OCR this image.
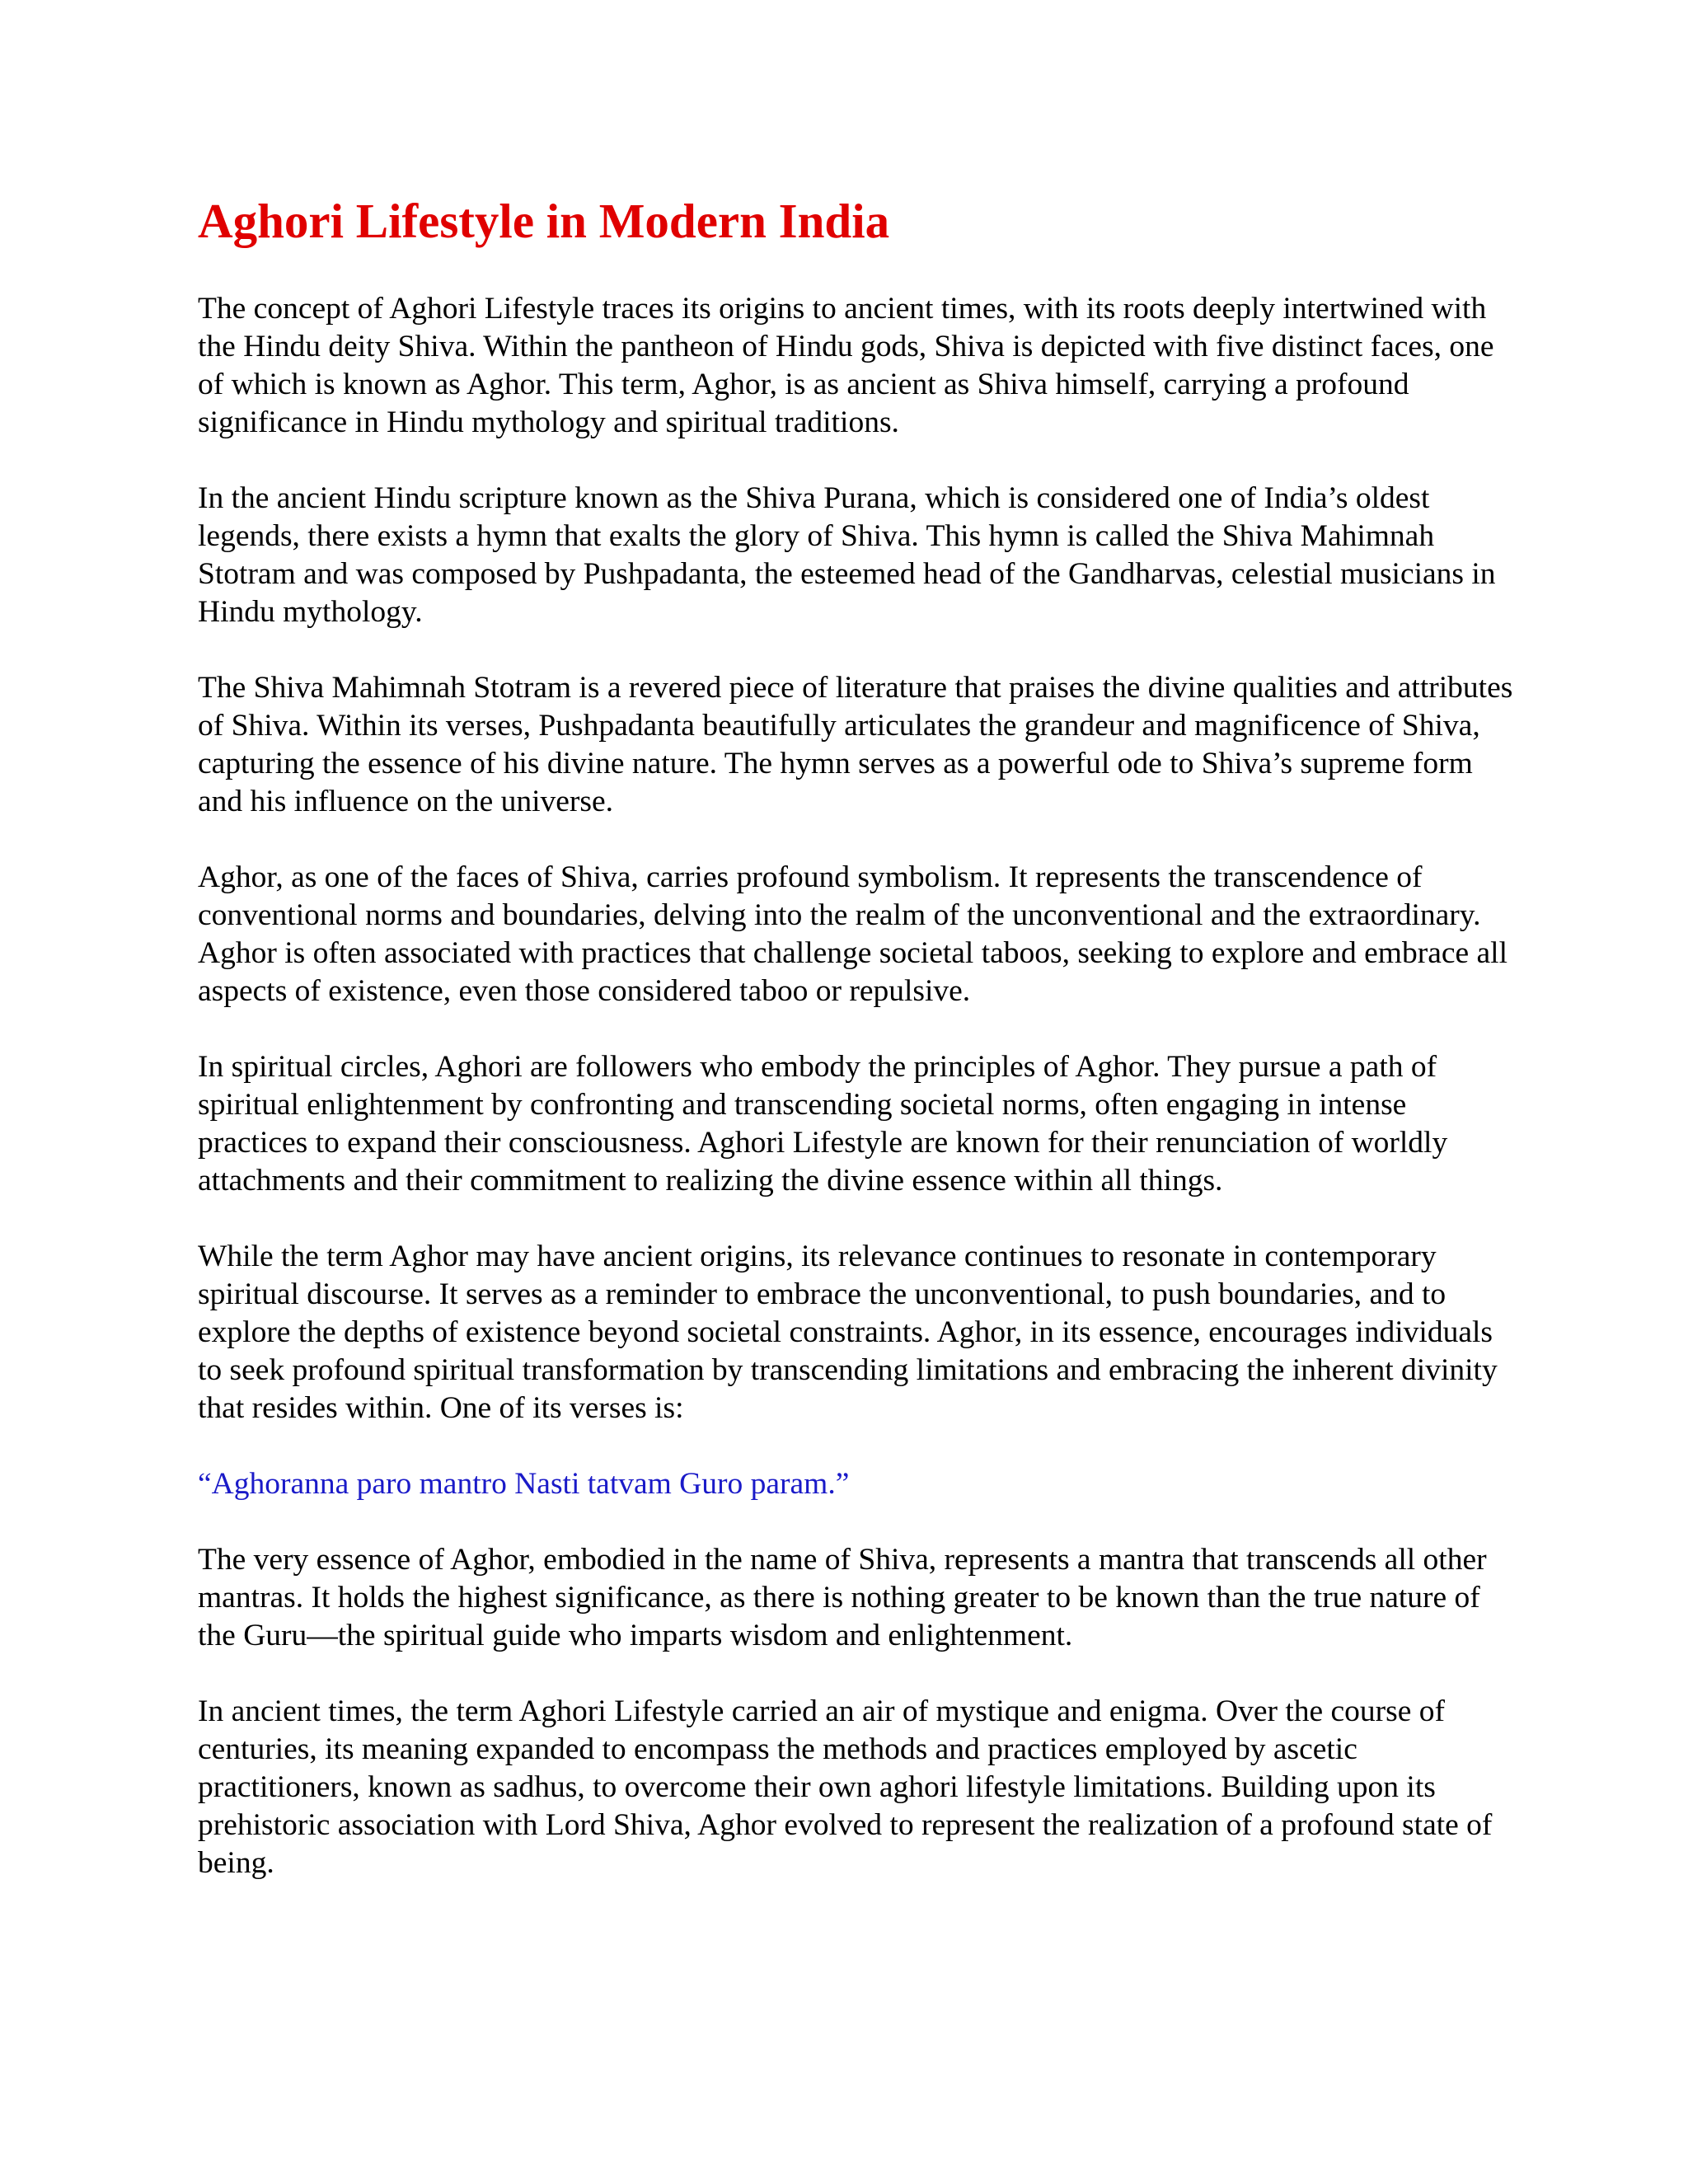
Aghori Lifestyle in Modern India

The concept of Aghori Lifestyle traces its origins to ancient times, with its roots deeply intertwined with the Hindu deity Shiva. Within the pantheon of Hindu gods, Shiva is depicted with five distinct faces, one of which is known as Aghor. This term, Aghor, is as ancient as Shiva himself, carrying a profound significance in Hindu mythology and spiritual traditions.

In the ancient Hindu scripture known as the Shiva Purana, which is considered one of India’s oldest legends, there exists a hymn that exalts the glory of Shiva. This hymn is called the Shiva Mahimnah Stotram and was composed by Pushpadanta, the esteemed head of the Gandharvas, celestial musicians in Hindu mythology.

The Shiva Mahimnah Stotram is a revered piece of literature that praises the divine qualities and attributes of Shiva. Within its verses, Pushpadanta beautifully articulates the grandeur and magnificence of Shiva, capturing the essence of his divine nature. The hymn serves as a powerful ode to Shiva’s supreme form and his influence on the universe.

Aghor, as one of the faces of Shiva, carries profound symbolism. It represents the transcendence of conventional norms and boundaries, delving into the realm of the unconventional and the extraordinary. Aghor is often associated with practices that challenge societal taboos, seeking to explore and embrace all aspects of existence, even those considered taboo or repulsive.

In spiritual circles, Aghori are followers who embody the principles of Aghor. They pursue a path of spiritual enlightenment by confronting and transcending societal norms, often engaging in intense practices to expand their consciousness. Aghori Lifestyle are known for their renunciation of worldly attachments and their commitment to realizing the divine essence within all things.

While the term Aghor may have ancient origins, its relevance continues to resonate in contemporary spiritual discourse. It serves as a reminder to embrace the unconventional, to push boundaries, and to explore the depths of existence beyond societal constraints. Aghor, in its essence, encourages individuals to seek profound spiritual transformation by transcending limitations and embracing the inherent divinity that resides within. One of its verses is:

“Aghoranna paro mantro Nasti tatvam Guro param.”

The very essence of Aghor, embodied in the name of Shiva, represents a mantra that transcends all other mantras. It holds the highest significance, as there is nothing greater to be known than the true nature of the Guru—the spiritual guide who imparts wisdom and enlightenment.

In ancient times, the term Aghori Lifestyle carried an air of mystique and enigma. Over the course of centuries, its meaning expanded to encompass the methods and practices employed by ascetic practitioners, known as sadhus, to overcome their own aghori lifestyle limitations. Building upon its prehistoric association with Lord Shiva, Aghor evolved to represent the realization of a profound state of being.
